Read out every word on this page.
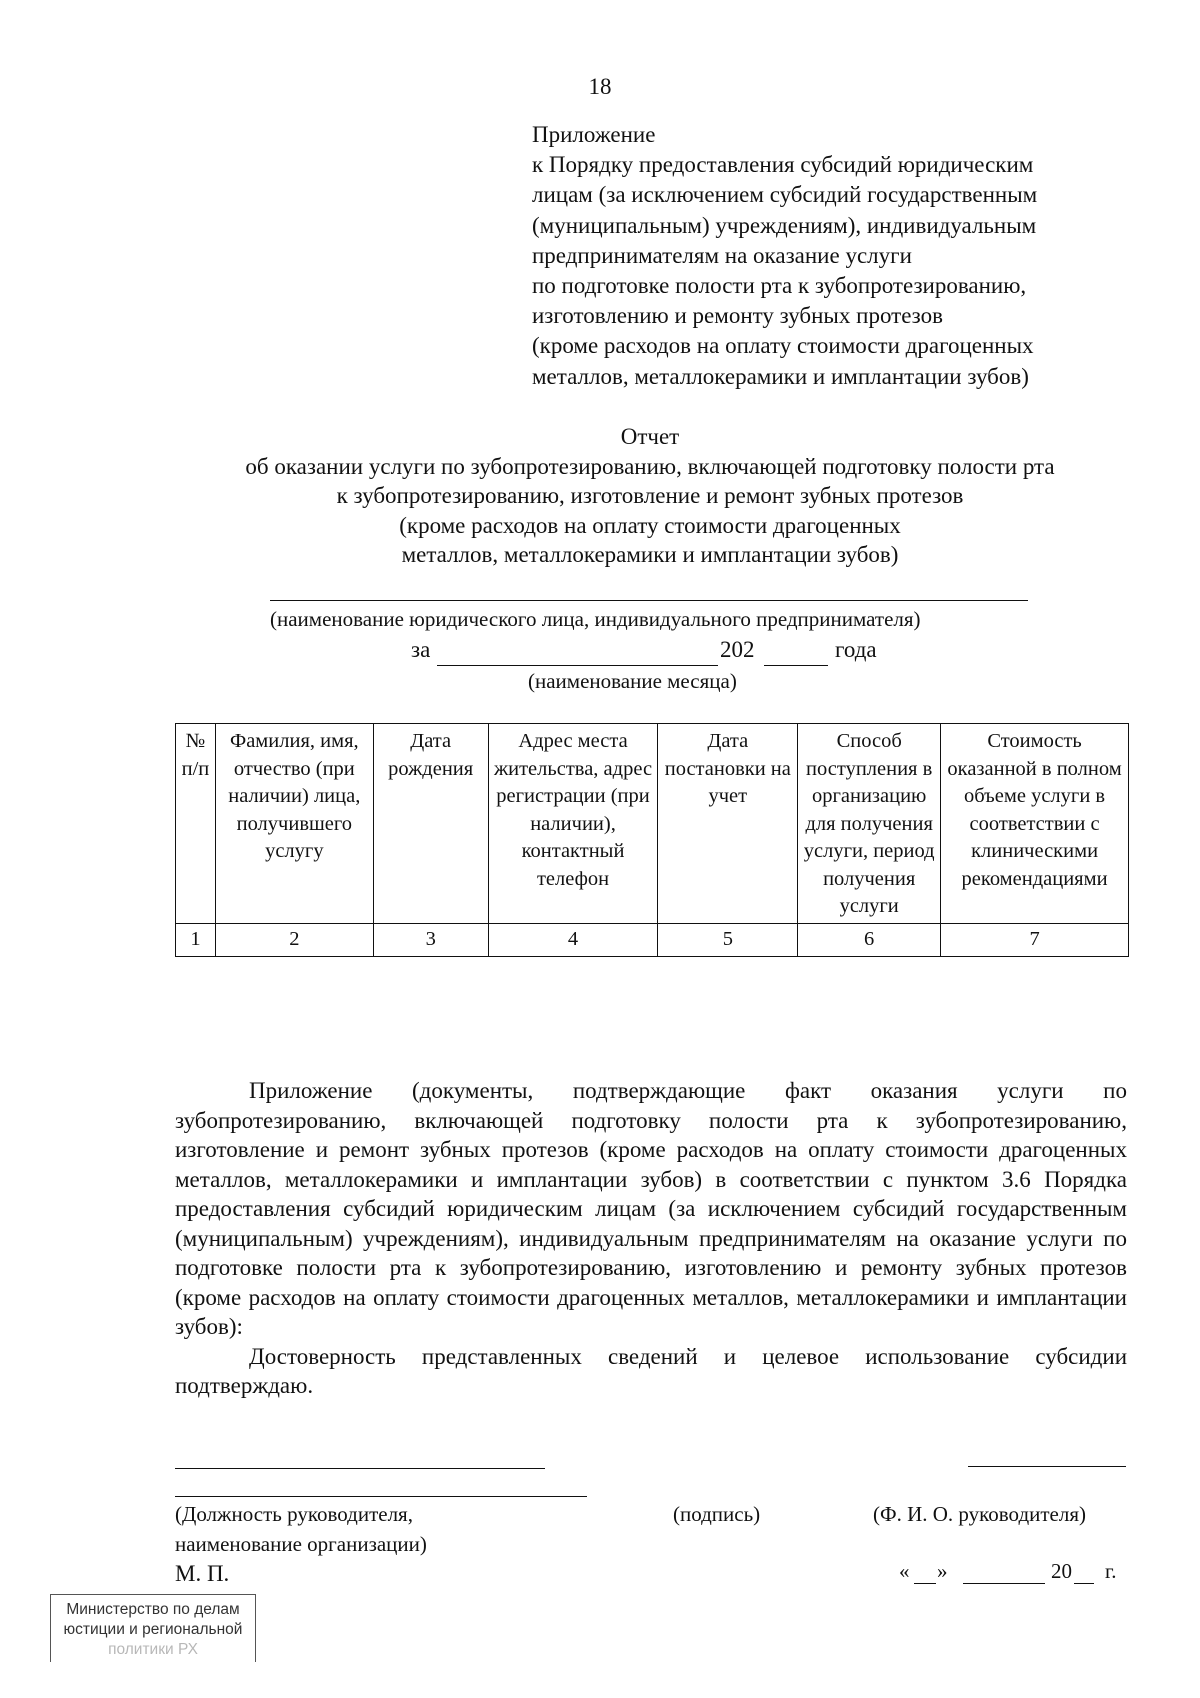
18
Приложение
к Порядку предоставления субсидий юридическим
лицам (за исключением субсидий государственным
(муниципальным) учреждениям), индивидуальным
предпринимателям на оказание услуги
по подготовке полости рта к зубопротезированию,
изготовлению и ремонту зубных протезов
(кроме расходов на оплату стоимости драгоценных
металлов, металлокерамики и имплантации зубов)
Отчет
об оказании услуги по зубопротезированию, включающей подготовку полости рта
к зубопротезированию, изготовление и ремонт зубных протезов
(кроме расходов на оплату стоимости драгоценных
металлов, металлокерамики и имплантации зубов)
(наименование юридического лица, индивидуального предпринимателя)
за	202	года
(наименование месяца)
№ п/п	Фамилия, имя, отчество (при наличии) лица, получившего услугу	Дата рождения	Адрес места жительства, адрес регистрации (при наличии), контактный телефон	Дата постановки на учет	Способ поступления в организацию для получения услуги, период получения услуги	Стоимость оказанной в полном объеме услуги в соответствии с клиническими рекомендациями
1	2	3	4	5	6	7

Приложение (документы, подтверждающие факт оказания услуги по зубопротезированию, включающей подготовку полости рта к зубопротезированию, изготовление и ремонт зубных протезов (кроме расходов на оплату стоимости драгоценных металлов, металлокерамики и имплантации зубов) в соответствии с пунктом 3.6 Порядка предоставления субсидий юридическим лицам (за исключением субсидий государственным (муниципальным) учреждениям), индивидуальным предпринимателям на оказание услуги по подготовке полости рта к зубопротезированию, изготовлению и ремонту зубных протезов (кроме расходов на оплату стоимости драгоценных металлов, металлокерамики и имплантации зубов):

Достоверность представленных сведений и целевое использование субсидии подтверждаю.

(Должность руководителя,
наименование организации)
М. П.
(подпись)	(Ф. И. О. руководителя)
« »	20 г.
Министерство по делам
юстиции и региональной
политики РХ
